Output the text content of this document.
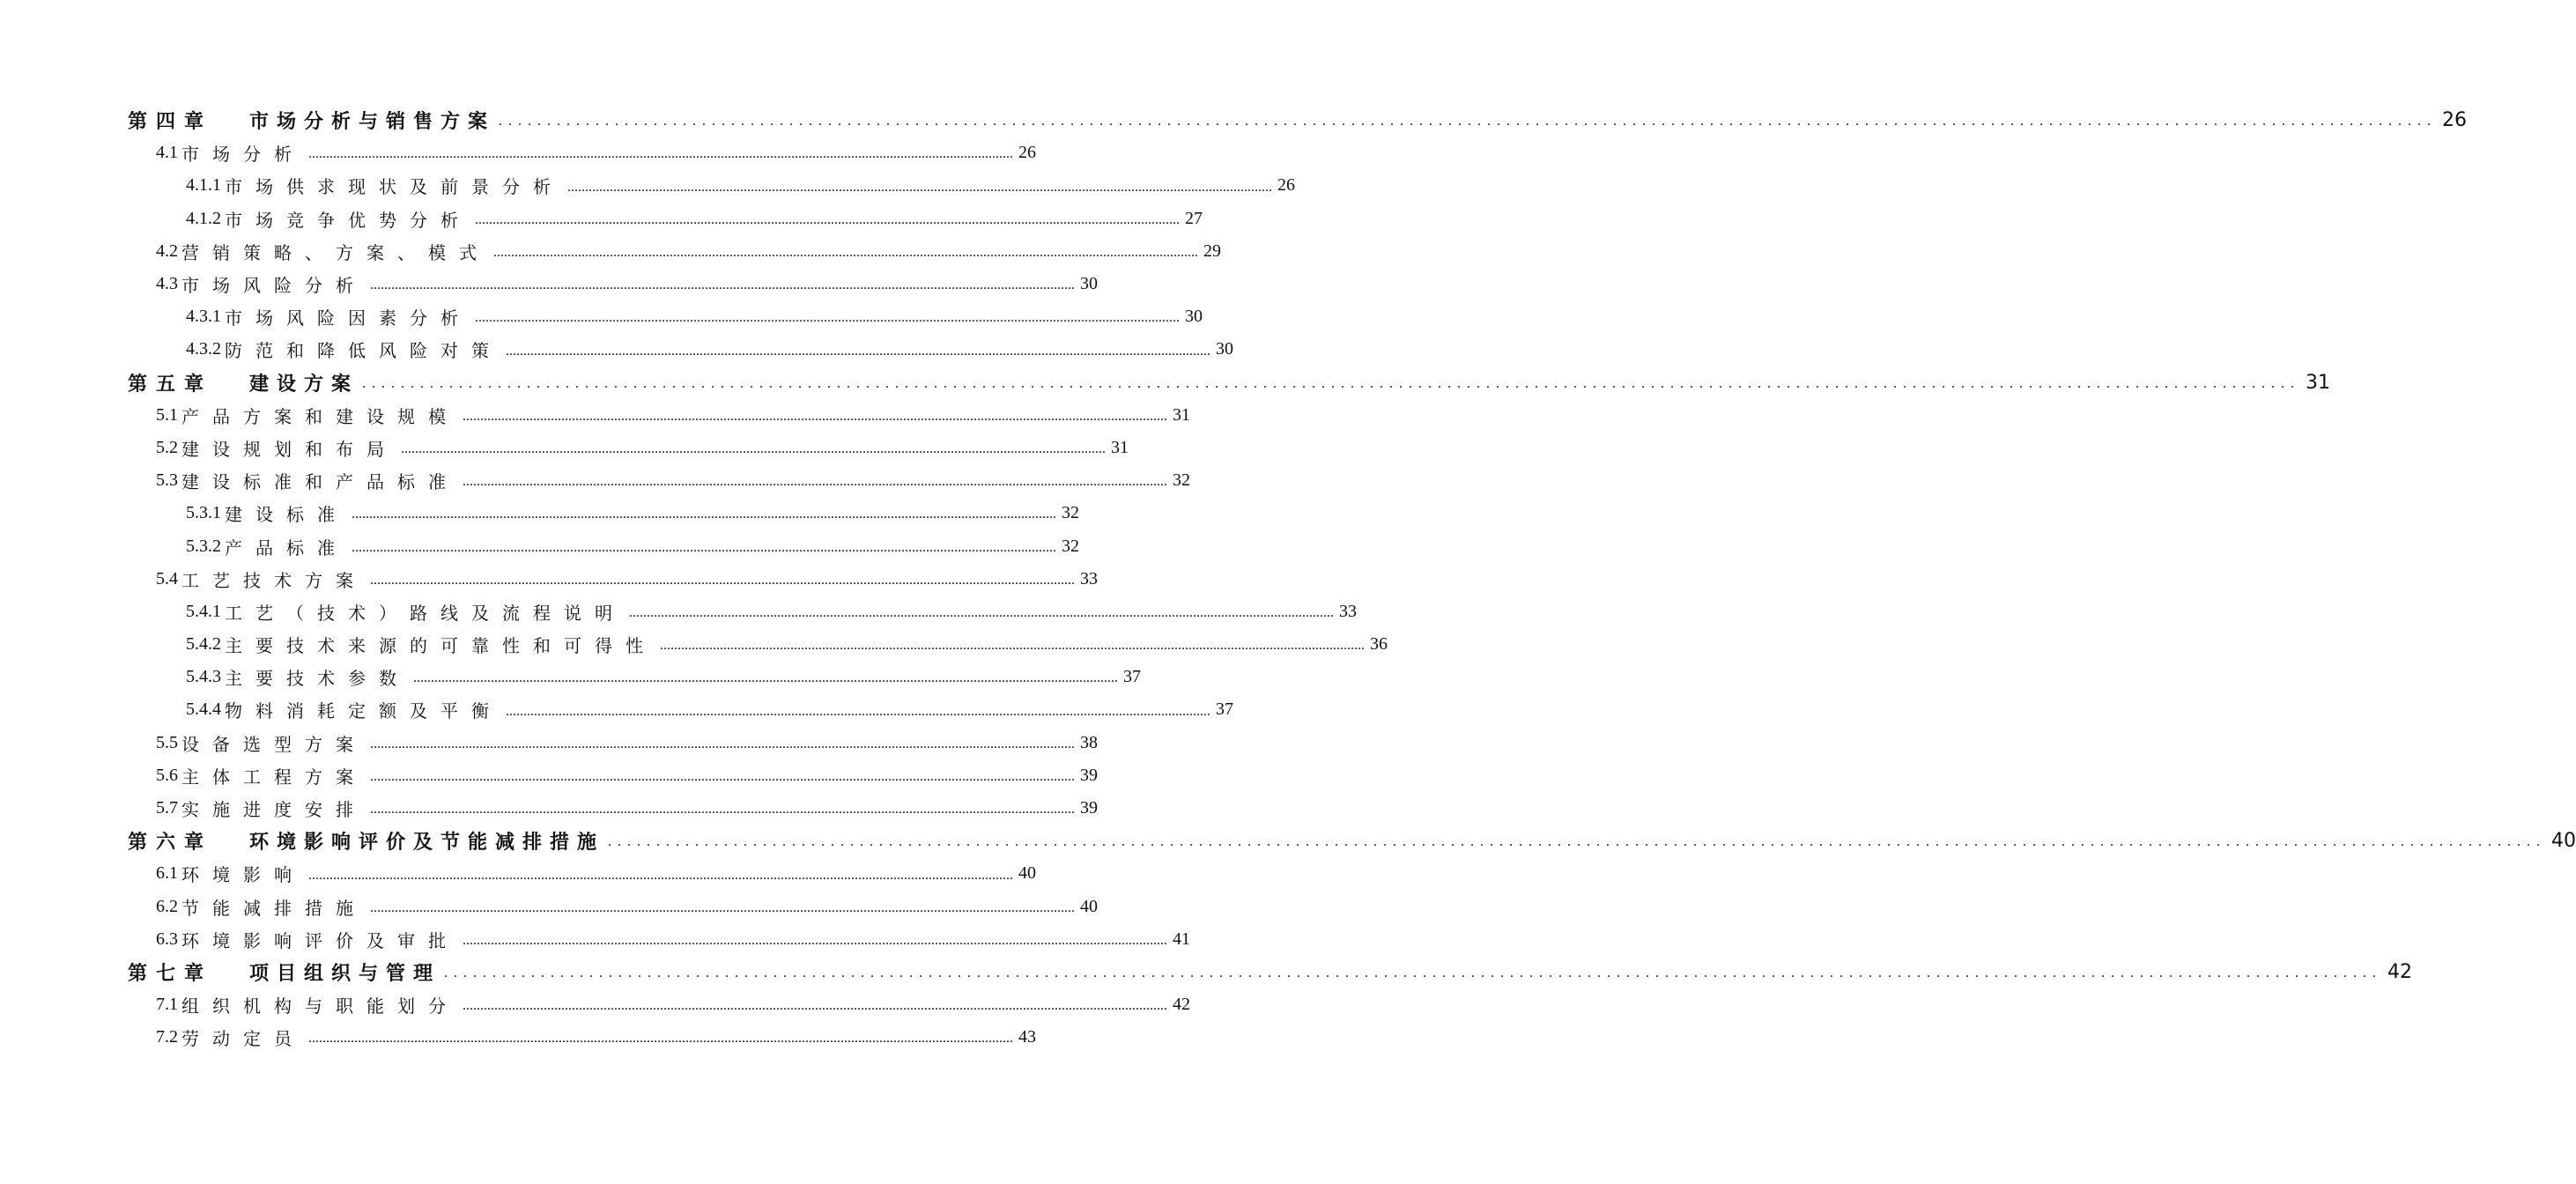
第四章 市场分析与销售方案 ........................................................................................................................................................................................................ 26
4.1 市场分析 ........................................................................................................................................................................................................ 26
4.1.1 市场供求现状及前景分析 ........................................................................................................................................................................................................ 26
4.1.2 市场竞争优势分析 ........................................................................................................................................................................................................ 27
4.2 营销策略、方案、模式 ........................................................................................................................................................................................................ 29
4.3 市场风险分析 ........................................................................................................................................................................................................ 30
4.3.1 市场风险因素分析 ........................................................................................................................................................................................................ 30
4.3.2 防范和降低风险对策 ........................................................................................................................................................................................................ 30
第五章 建设方案 ........................................................................................................................................................................................................ 31
5.1 产品方案和建设规模 ........................................................................................................................................................................................................ 31
5.2 建设规划和布局 ........................................................................................................................................................................................................ 31
5.3 建设标准和产品标准 ........................................................................................................................................................................................................ 32
5.3.1 建设标准 ........................................................................................................................................................................................................ 32
5.3.2 产品标准 ........................................................................................................................................................................................................ 32
5.4 工艺技术方案 ........................................................................................................................................................................................................ 33
5.4.1 工艺（技术）路线及流程说明 ........................................................................................................................................................................................................ 33
5.4.2 主要技术来源的可靠性和可得性 ........................................................................................................................................................................................................ 36
5.4.3 主要技术参数 ........................................................................................................................................................................................................ 37
5.4.4 物料消耗定额及平衡 ........................................................................................................................................................................................................ 37
5.5 设备选型方案 ........................................................................................................................................................................................................ 38
5.6 主体工程方案 ........................................................................................................................................................................................................ 39
5.7 实施进度安排 ........................................................................................................................................................................................................ 39
第六章 环境影响评价及节能减排措施 ........................................................................................................................................................................................................ 40
6.1 环境影响 ........................................................................................................................................................................................................ 40
6.2 节能减排措施 ........................................................................................................................................................................................................ 40
6.3 环境影响评价及审批 ........................................................................................................................................................................................................ 41
第七章 项目组织与管理 ........................................................................................................................................................................................................ 42
7.1 组织机构与职能划分 ........................................................................................................................................................................................................ 42
7.2 劳动定员 ........................................................................................................................................................................................................ 43
